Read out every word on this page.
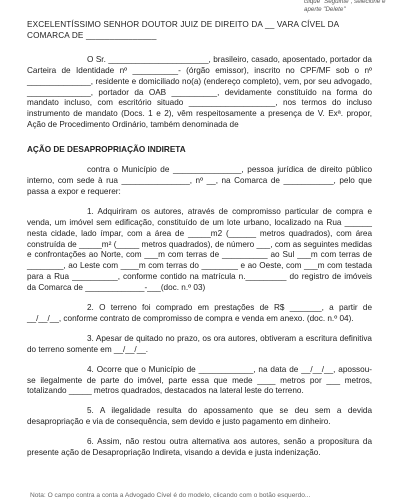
clique "Seguinte", selecione e
aperte "Delete"

EXCELENTÍSSIMO SENHOR DOUTOR JUIZ DE DIREITO DA __ VARA CÍVEL DA

COMARCA DE _______________

O Sr. ______________________, brasileiro, casado, aposentado, portador da Carteira de Identidade nº __________- (órgão emissor), inscrito no CPF/MF sob o nº ______________, residente e domiciliado no(a) (endereço completo), vem, por seu advogado, ______________, portador da OAB __________, devidamente constituído na forma do mandato incluso, com escritório situado ___________________, nos termos do incluso instrumento de mandato (Docs. 1 e 2), vêm respeitosamente a presença de V. Exª. propor, Ação de Procedimento Ordinário, também denominada de

AÇÃO DE DESAPROPRIAÇÃO INDIRETA

contra o Município de _______________, pessoa jurídica de direito público interno, com sede à rua _______________, nº __, na Comarca de ___________, pelo que passa a expor e requerer:

1. Adquiriram os autores, através de compromisso particular de compra e venda, um imóvel sem edificação, constituído de um lote urbano, localizado na Rua ______ nesta cidade, lado ímpar, com a área de _____m2 (______ metros quadrados), com área construída de _____m² (_____ metros quadrados), de número ___, com as seguintes medidas e confrontações ao Norte, com ___m com terras de __________ ao Sul ___m com terras de ________, ao Leste com ____m com terras do ________ e ao Oeste, com ___m com testada para a Rua __________, conforme contido na matrícula n._________ do registro de imóveis da Comarca de _____________-___(doc. n.º 03)

2. O terreno foi comprado em prestações de R$ _______, a partir de __/__/__, conforme contrato de compromisso de compra e venda em anexo. (doc. n.º 04).

3. Apesar de quitado no prazo, os ora autores, obtiveram a escritura definitiva do terreno somente em __/__/__.

4. Ocorre que o Município de ____________, na data de __/__/__, apossou-se ilegalmente de parte do imóvel, parte essa que mede ____ metros por ___ metros, totalizando _____ metros quadrados, destacados na lateral leste do terreno.

5. A ilegalidade resulta do apossamento que se deu sem a devida desapropriação e via de consequência, sem devido e justo pagamento em dinheiro.

6. Assim, não restou outra alternativa aos autores, senão a propositura da presente ação de Desapropriação Indireta, visando a devida e justa indenização.

Nota: O campo contra a conta a Advogado Cível é do modelo, clicando com o botão esquerdo...
